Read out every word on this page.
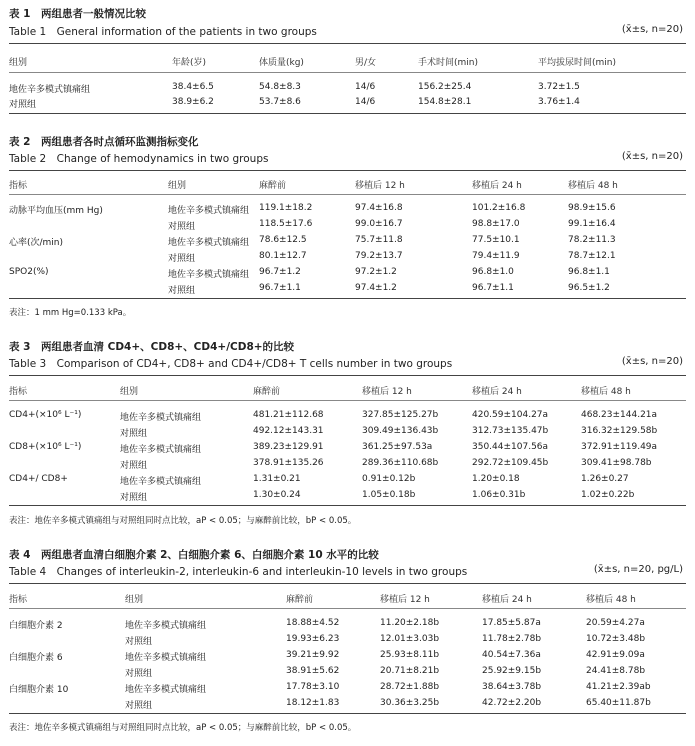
表 1　两组患者一般情况比较
Table 1　General information of the patients in two groups	(x̄±s, n=20)
组别	年龄(岁)	体质量(kg)	男/女	手术时间(min)	平均拔尿时间(min)
地佐辛多模式镇痛组	38.4±6.5	54.8±8.3	14/6	156.2±25.4	3.72±1.5
对照组	38.9±6.2	53.7±8.6	14/6	154.8±28.1	3.76±1.4
表 2　两组患者各时点循环监测指标变化
Table 2　Change of hemodynamics in two groups	(x̄±s, n=20)
指标	组别	麻醉前	移植后 12 h	移植后 24 h	移植后 48 h
动脉平均血压(mm Hg)	地佐辛多模式镇痛组 119.1±18.2	97.4±16.8	101.2±16.8	98.9±15.6
对照组	118.5±17.6	99.0±16.7	98.8±17.0	99.1±16.4
心率(次/min)	地佐辛多模式镇痛组 78.6±12.5	75.7±11.8	77.5±10.1	78.2±11.3
对照组	80.1±12.7	79.2±13.7	79.4±11.9	78.7±12.1
SPO2(%)	地佐辛多模式镇痛组 96.7±1.2	97.2±1.2	96.8±1.0	96.8±1.1
对照组	96.7±1.1	97.4±1.2	96.7±1.1	96.5±1.2
表注：1 mm Hg=0.133 kPa。
表 3　两组患者血清 CD4+、CD8+、CD4+/CD8+的比较
Table 3　Comparison of CD4+, CD8+ and CD4+/CD8+ T cells number in two groups	(x̄±s, n=20)
指标	组别	麻醉前	移植后 12 h	移植后 24 h	移植后 48 h
CD4+(×10⁶ L⁻¹)	地佐辛多模式镇痛组	481.21±112.68	327.85±125.27b	420.59±104.27a	468.23±144.21a
对照组	492.12±143.31	309.49±136.43b	312.73±135.47b	316.32±129.58b
CD8+(×10⁶ L⁻¹)	地佐辛多模式镇痛组	389.23±129.91	361.25±97.53a	350.44±107.56a	372.91±119.49a
对照组	378.91±135.26	289.36±110.68b	292.72±109.45b	309.41±98.78b
CD4+/ CD8+	地佐辛多模式镇痛组	1.31±0.21	0.91±0.12b	1.20±0.18	1.26±0.27
对照组	1.30±0.24	1.05±0.18b	1.06±0.31b	1.02±0.22b
表注：地佐辛多模式镇痛组与对照组同时点比较，aP < 0.05；与麻醉前比较，bP < 0.05。
表 4　两组患者血清白细胞介素 2、白细胞介素 6、白细胞介素 10 水平的比较
Table 4　Changes of interleukin-2, interleukin-6 and interleukin-10 levels in two groups	(x̄±s, n=20, pg/L)
指标	组别	麻醉前	移植后 12 h	移植后 24 h	移植后 48 h
白细胞介素 2	地佐辛多模式镇痛组	18.88±4.52	11.20±2.18b	17.85±5.87a	20.59±4.27a
对照组	19.93±6.23	12.01±3.03b	11.78±2.78b	10.72±3.48b
白细胞介素 6	地佐辛多模式镇痛组	39.21±9.92	25.93±8.11b	40.54±7.36a	42.91±9.09a
对照组	38.91±5.62	20.71±8.21b	25.92±9.15b	24.41±8.78b
白细胞介素 10	地佐辛多模式镇痛组	17.78±3.10	28.72±1.88b	38.64±3.78b	41.21±2.39ab
对照组	18.12±1.83	30.36±3.25b	42.72±2.20b	65.40±11.87b
表注：地佐辛多模式镇痛组与对照组同时点比较，aP < 0.05；与麻醉前比较，bP < 0.05。
